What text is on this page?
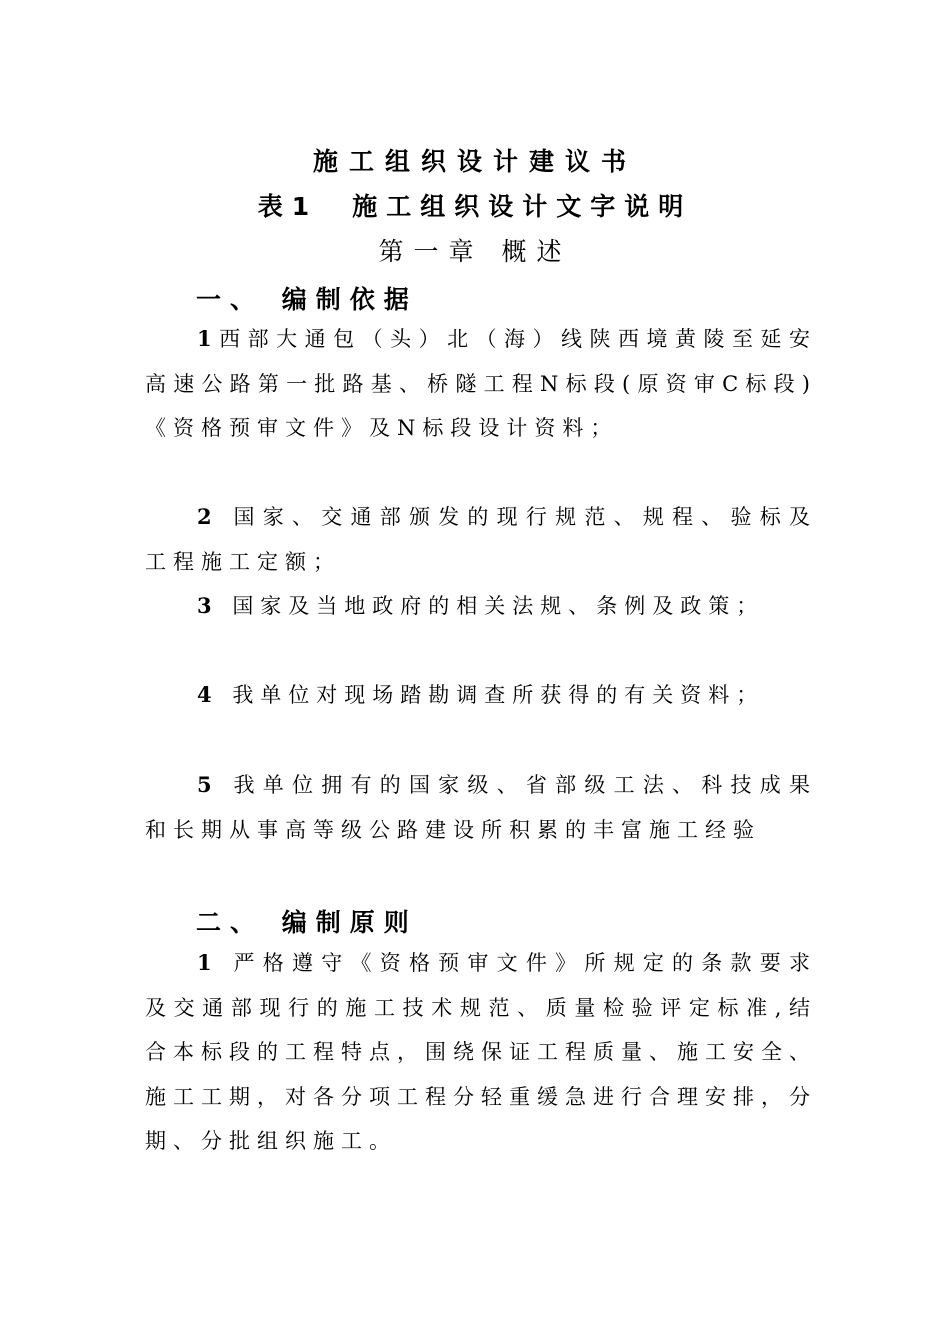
施工组织设计建议书
表1　施工组织设计文字说明
第一章 概述
一、 编制依据
1西部大通包（头）北（海）线陕西境黄陵至延安高速公路第一批路基、桥隧工程N标段(原资审C标段)《资格预审文件》及N标段设计资料；
2 国家、交通部颁发的现行规范、规程、验标及工程施工定额；
3 国家及当地政府的相关法规、条例及政策；
4 我单位对现场踏勘调查所获得的有关资料；
5 我单位拥有的国家级、省部级工法、科技成果和长期从事高等级公路建设所积累的丰富施工经验
二、 编制原则
1 严格遵守《资格预审文件》所规定的条款要求及交通部现行的施工技术规范、质量检验评定标准,结合本标段的工程特点，围绕保证工程质量、施工安全、施工工期，对各分项工程分轻重缓急进行合理安排，分期、分批组织施工。
